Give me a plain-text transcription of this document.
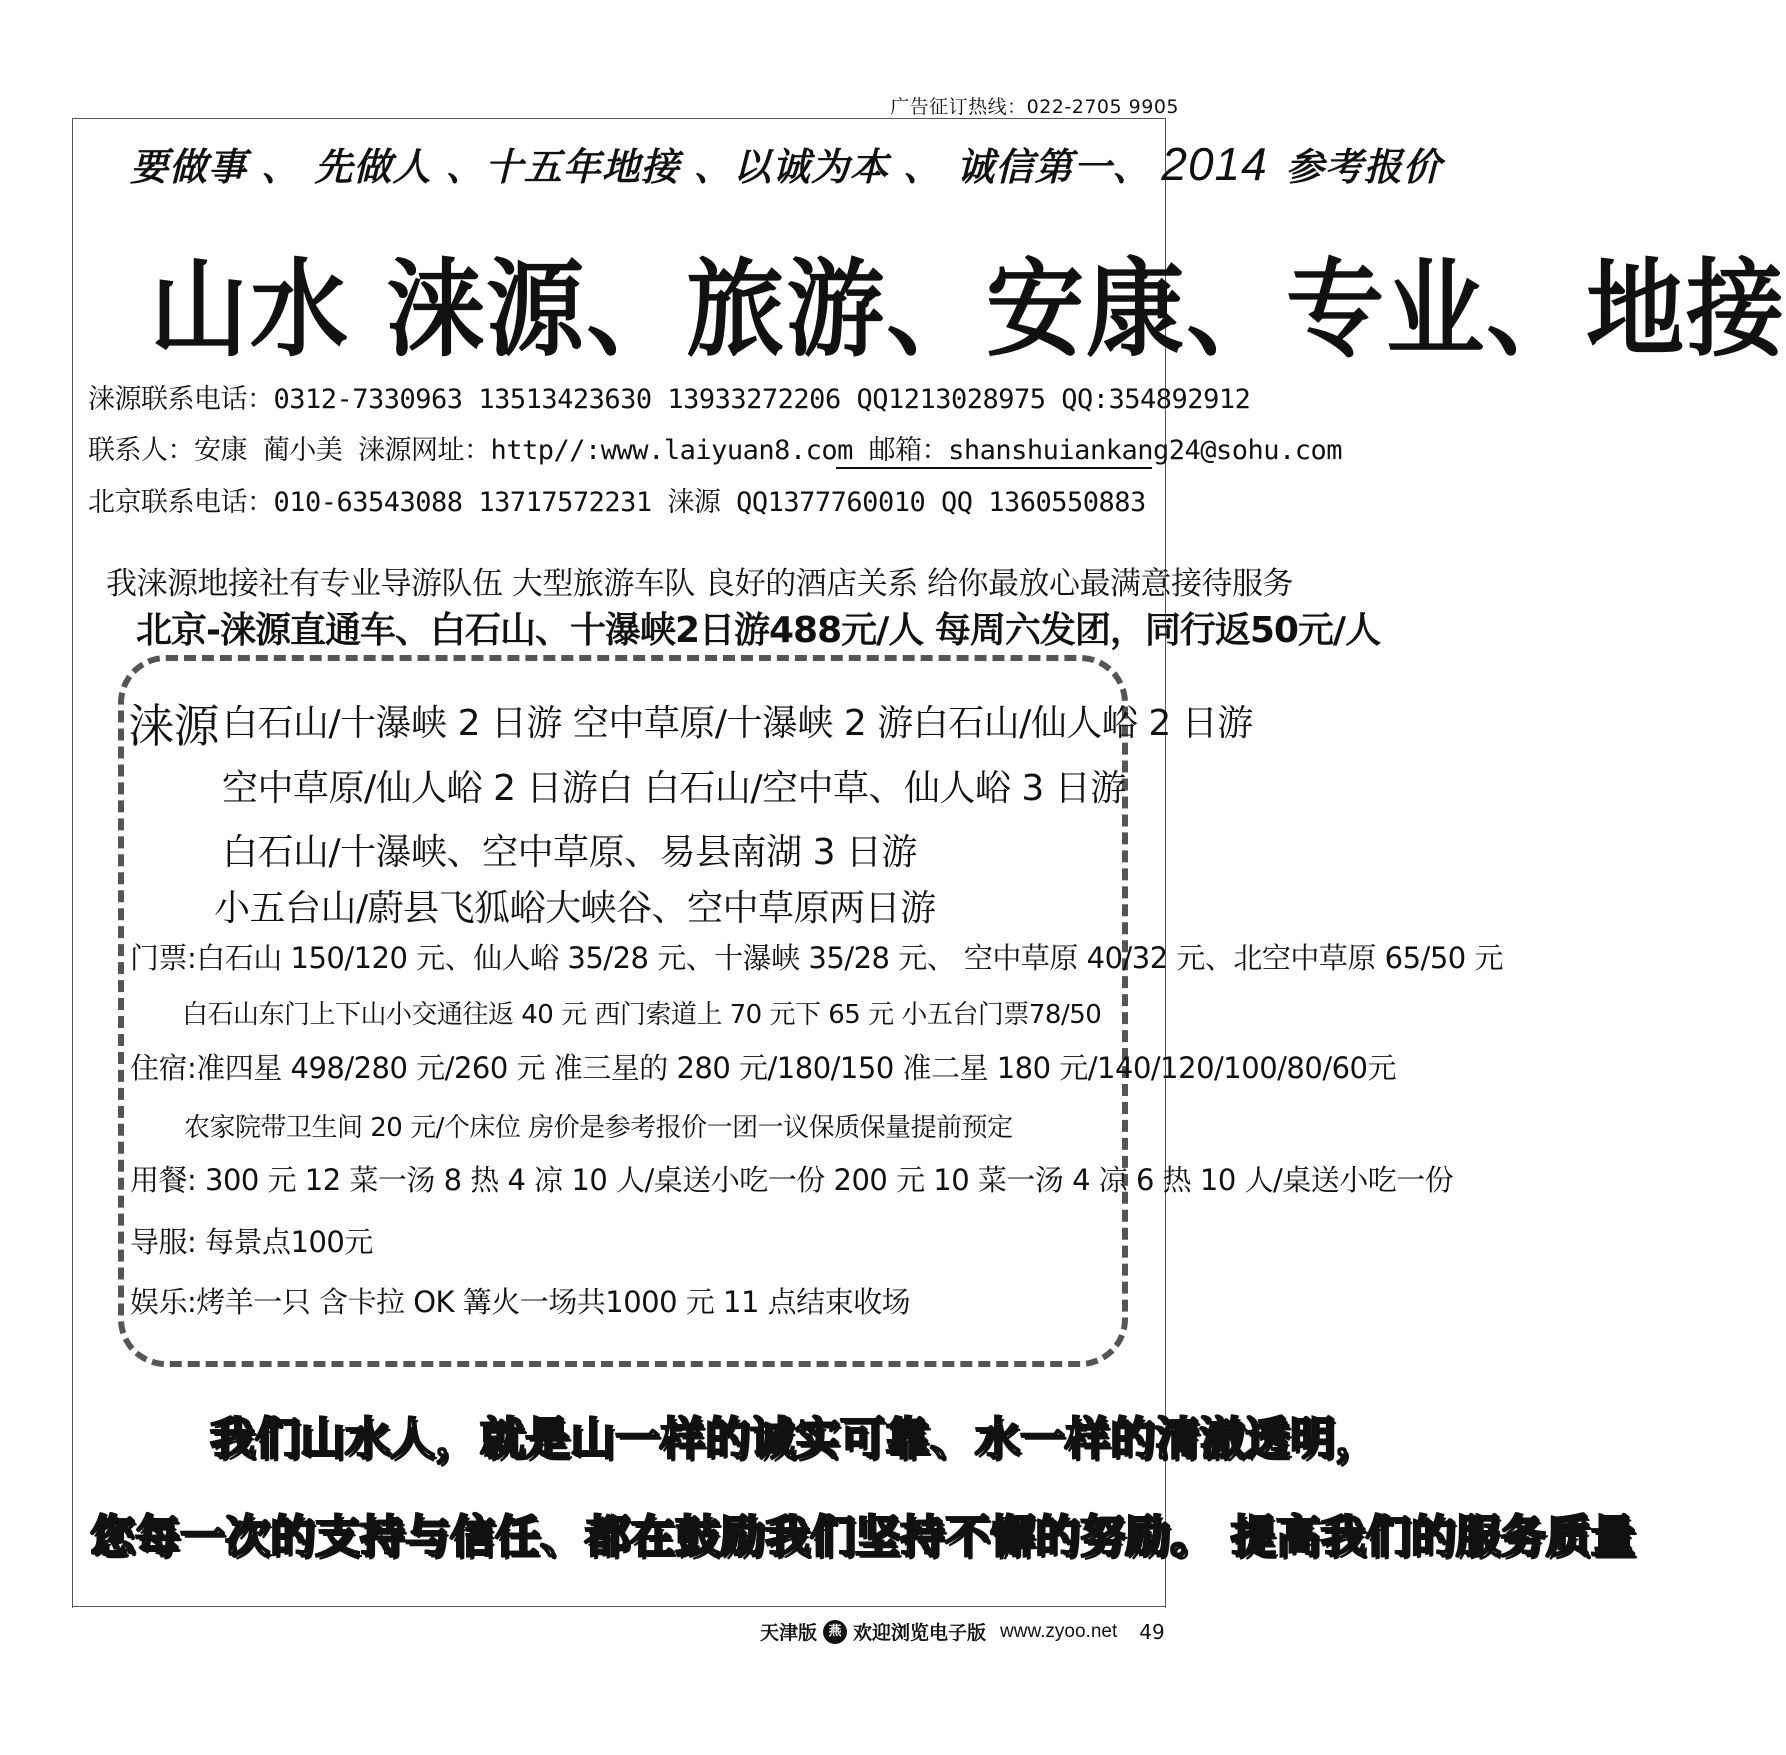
广告征订热线：022-2705 9905
要做事 、 先做人 、十五年地接 、以诚为本 、 诚信第一、 2014 参考报价
山水 涞源、旅游、安康、专业、地接
涞源联系电话：0312-7330963 13513423630 13933272206 QQ1213028975 QQ:354892912
联系人：安康 蔺小美 涞源网址：http//:www.laiyuan8.com 邮箱：shanshuiankang24@sohu.com
北京联系电话：010-63543088 13717572231 涞源 QQ1377760010 QQ 1360550883
我涞源地接社有专业导游队伍 大型旅游车队 良好的酒店关系 给你最放心最满意接待服务
北京-涞源直通车、白石山、十瀑峡2日游488元/人 每周六发团，同行返50元/人
涞源 白石山/十瀑峡 2 日游 空中草原/十瀑峡 2 游白石山/仙人峪 2 日游
空中草原/仙人峪 2 日游白 白石山/空中草、仙人峪 3 日游
白石山/十瀑峡、空中草原、易县南湖 3 日游
小五台山/蔚县飞狐峪大峡谷、空中草原两日游
门票:白石山 150/120 元、仙人峪 35/28 元、十瀑峡 35/28 元、 空中草原 40/32 元、北空中草原 65/50 元
白石山东门上下山小交通往返 40 元 西门索道上 70 元下 65 元 小五台门票78/50
住宿:准四星 498/280 元/260 元 准三星的 280 元/180/150 准二星 180 元/140/120/100/80/60元
农家院带卫生间 20 元/个床位 房价是参考报价一团一议保质保量提前预定
用餐: 300 元 12 菜一汤 8 热 4 凉 10 人/桌送小吃一份 200 元 10 菜一汤 4 凉 6 热 10 人/桌送小吃一份
导服: 每景点100元
娱乐:烤羊一只 含卡拉 OK 篝火一场共1000 元 11 点结束收场
我们山水人，就是山一样的诚实可靠、水一样的清澈透明，
您每一次的支持与信任、都在鼓励我们坚持不懈的努励。 提高我们的服务质量
天津版 燕 欢迎浏览电子版 www.zyoo.net 49
